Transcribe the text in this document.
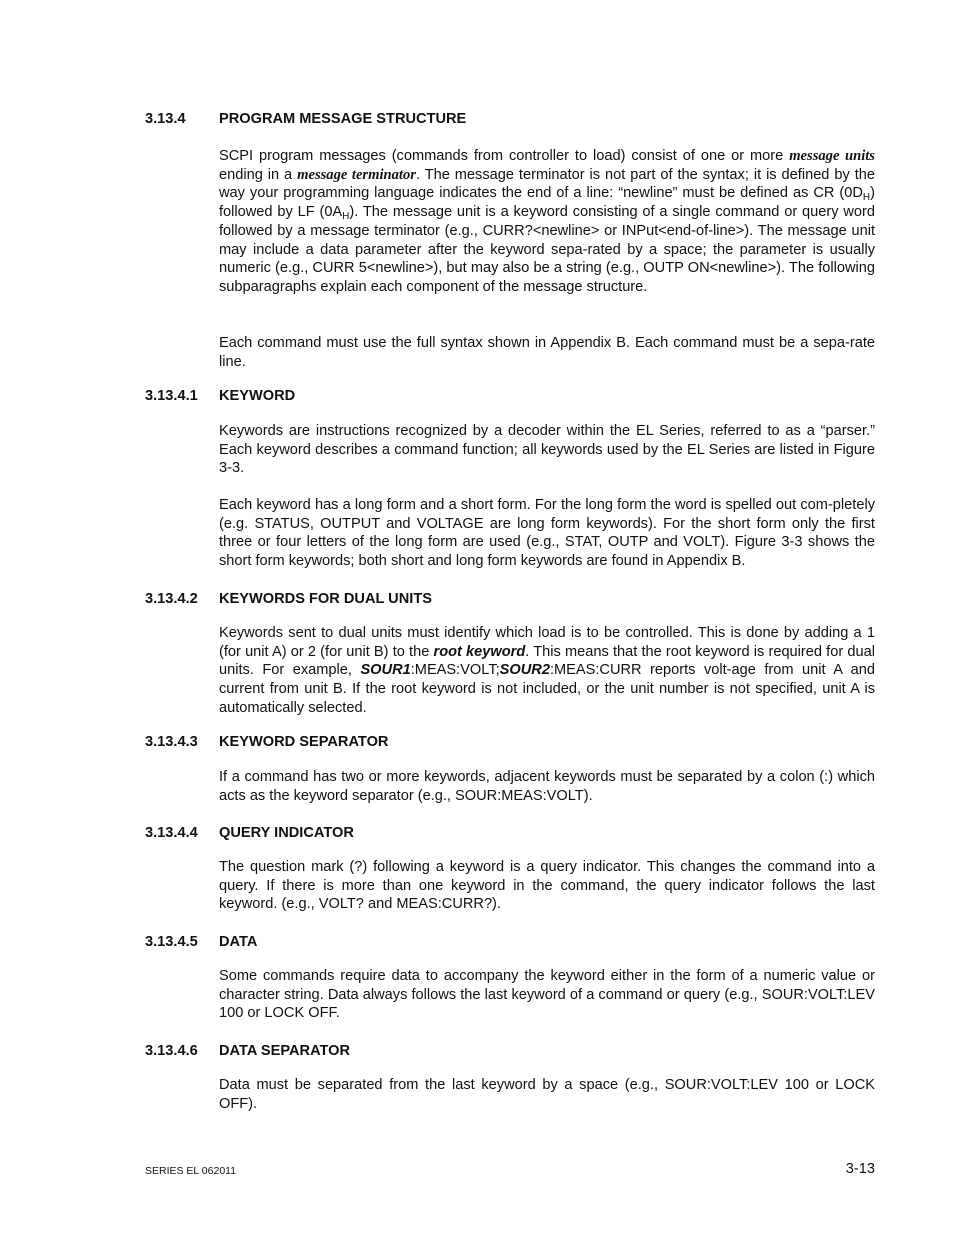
3.13.4 PROGRAM MESSAGE STRUCTURE
SCPI program messages (commands from controller to load) consist of one or more message units ending in a message terminator. The message terminator is not part of the syntax; it is defined by the way your programming language indicates the end of a line: “newline” must be defined as CR $(0D_H)$ followed by LF $(0A_H)$. The message unit is a keyword consisting of a single command or query word followed by a message terminator (e.g., CURR?<newline> or INPut<end-of-line>). The message unit may include a data parameter after the keyword sepa-rated by a space; the parameter is usually numeric (e.g., CURR 5<newline>), but may also be a string (e.g., OUTP ON<newline>). The following subparagraphs explain each component of the message structure.
Each command must use the full syntax shown in Appendix B. Each command must be a sepa-rate line.
3.13.4.1 KEYWORD
Keywords are instructions recognized by a decoder within the EL Series, referred to as a “parser.” Each keyword describes a command function; all keywords used by the EL Series are listed in Figure 3-3.
Each keyword has a long form and a short form. For the long form the word is spelled out com-pletely (e.g. STATUS, OUTPUT and VOLTAGE are long form keywords). For the short form only the first three or four letters of the long form are used (e.g., STAT, OUTP and VOLT). Figure 3-3 shows the short form keywords; both short and long form keywords are found in Appendix B.
3.13.4.2 KEYWORDS FOR DUAL UNITS
Keywords sent to dual units must identify which load is to be controlled. This is done by adding a 1 (for unit A) or 2 (for unit B) to the root keyword. This means that the root keyword is required for dual units. For example, SOUR1:MEAS:VOLT;SOUR2:MEAS:CURR reports volt-age from unit A and current from unit B. If the root keyword is not included, or the unit number is not specified, unit A is automatically selected.
3.13.4.3 KEYWORD SEPARATOR
If a command has two or more keywords, adjacent keywords must be separated by a colon (:) which acts as the keyword separator (e.g., SOUR:MEAS:VOLT).
3.13.4.4 QUERY INDICATOR
The question mark (?) following a keyword is a query indicator. This changes the command into a query. If there is more than one keyword in the command, the query indicator follows the last keyword. (e.g., VOLT? and MEAS:CURR?).
3.13.4.5 DATA
Some commands require data to accompany the keyword either in the form of a numeric value or character string. Data always follows the last keyword of a command or query (e.g., SOUR:VOLT:LEV 100 or LOCK OFF.
3.13.4.6 DATA SEPARATOR
Data must be separated from the last keyword by a space (e.g., SOUR:VOLT:LEV 100 or LOCK OFF).
SERIES EL 062011	3-13
